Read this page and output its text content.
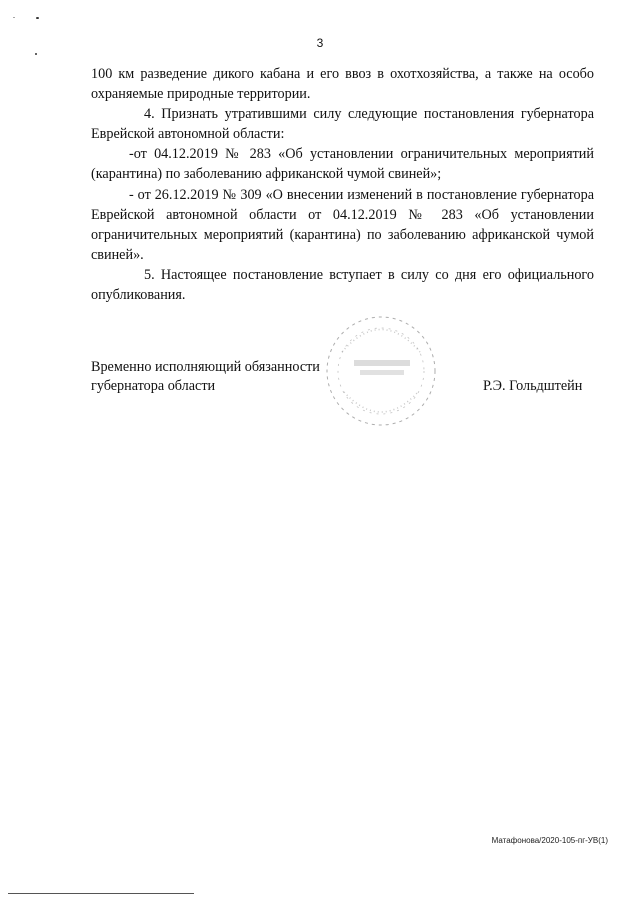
3

100 км разведение дикого кабана и его ввоз в охотхозяйства, а также на особо охраняемые природные территории.

4. Признать утратившими силу следующие постановления губернатора Еврейской автономной области:

-от 04.12.2019 № 283 «Об установлении ограничительных мероприятий (карантина) по заболеванию африканской чумой свиней»;

- от 26.12.2019 № 309 «О внесении изменений в постановление губернатора Еврейской автономной области от 04.12.2019 № 283 «Об установлении ограничительных мероприятий (карантина) по заболеванию африканской чумой свиней».

5. Настоящее постановление вступает в силу со дня его официального опубликования.

Временно исполняющий обязанности
губернатора области	Р.Э. Гольдштейн
Матафонова/2020-105-пг-УВ(1)
